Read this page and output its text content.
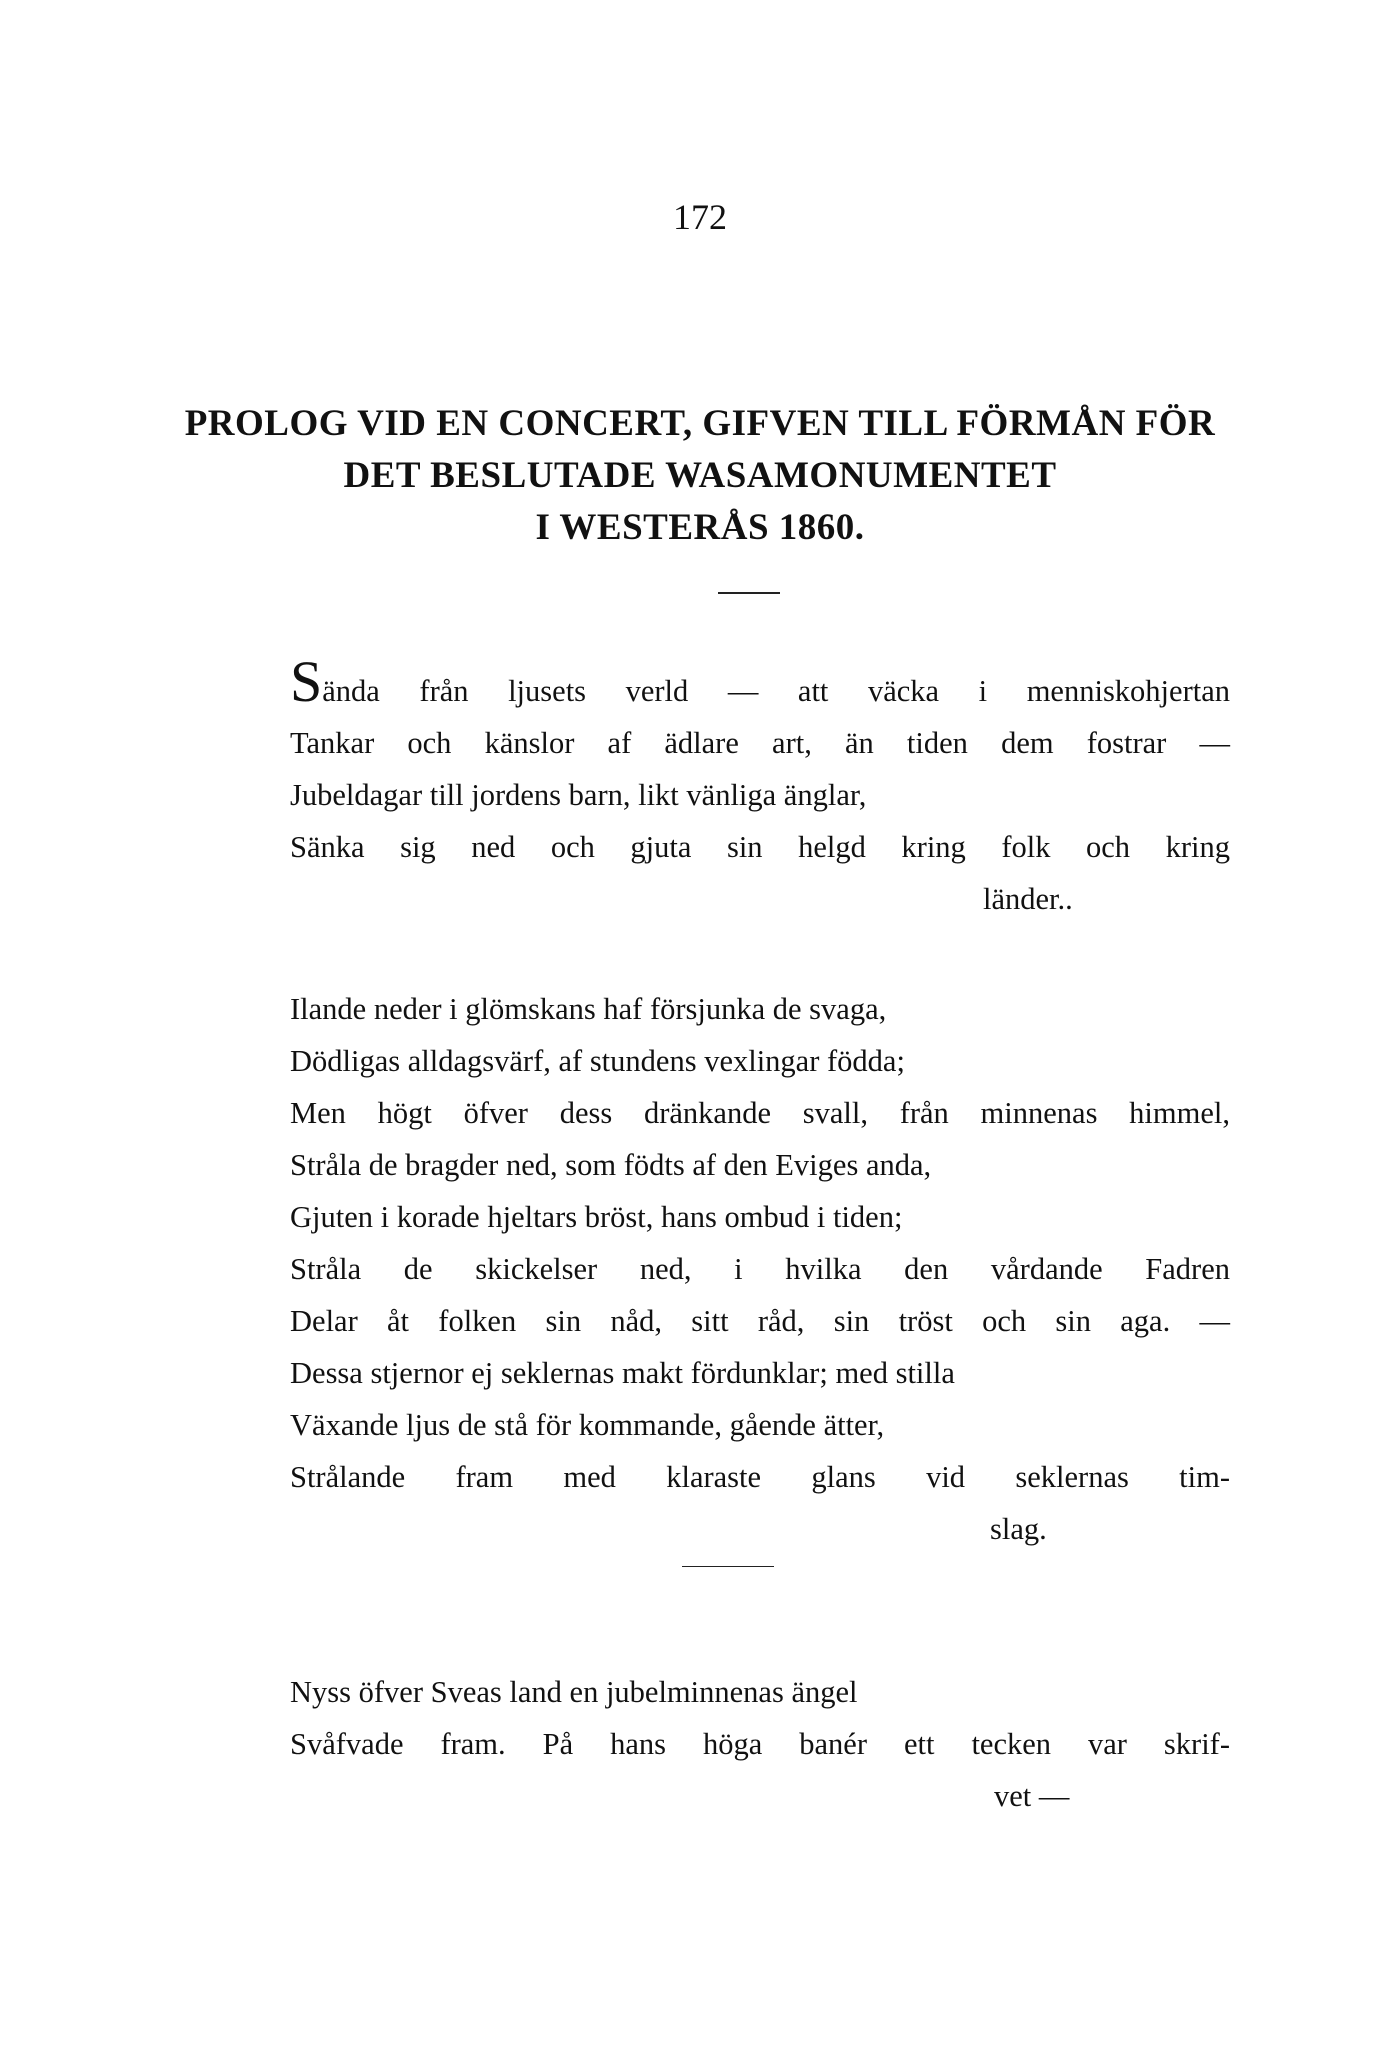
172
PROLOG VID EN CONCERT, GIFVEN TILL FÖRMÅN FÖR
DET BESLUTADE WASAMONUMENTET
I WESTERÅS 1860.
Sända från ljusets verld — att väcka i menniskohjertan
Tankar och känslor af ädlare art, än tiden dem fostrar —
Jubeldagar till jordens barn, likt vänliga änglar,
Sänka sig ned och gjuta sin helgd kring folk och kring
länder..
Ilande neder i glömskans haf försjunka de svaga,
Dödligas alldagsvärf, af stundens vexlingar födda;
Men högt öfver dess dränkande svall, från minnenas himmel,
Stråla de bragder ned, som födts af den Eviges anda,
Gjuten i korade hjeltars bröst, hans ombud i tiden;
Stråla de skickelser ned, i hvilka den vårdande Fadren
Delar åt folken sin nåd, sitt råd, sin tröst och sin aga. —
Dessa stjernor ej seklernas makt fördunklar; med stilla
Växande ljus de stå för kommande, gående ätter,
Strålande fram med klaraste glans vid seklernas tim-
slag.
Nyss öfver Sveas land en jubelminnenas ängel
Svåfvade fram. På hans höga banér ett tecken var skrif-
vet —
